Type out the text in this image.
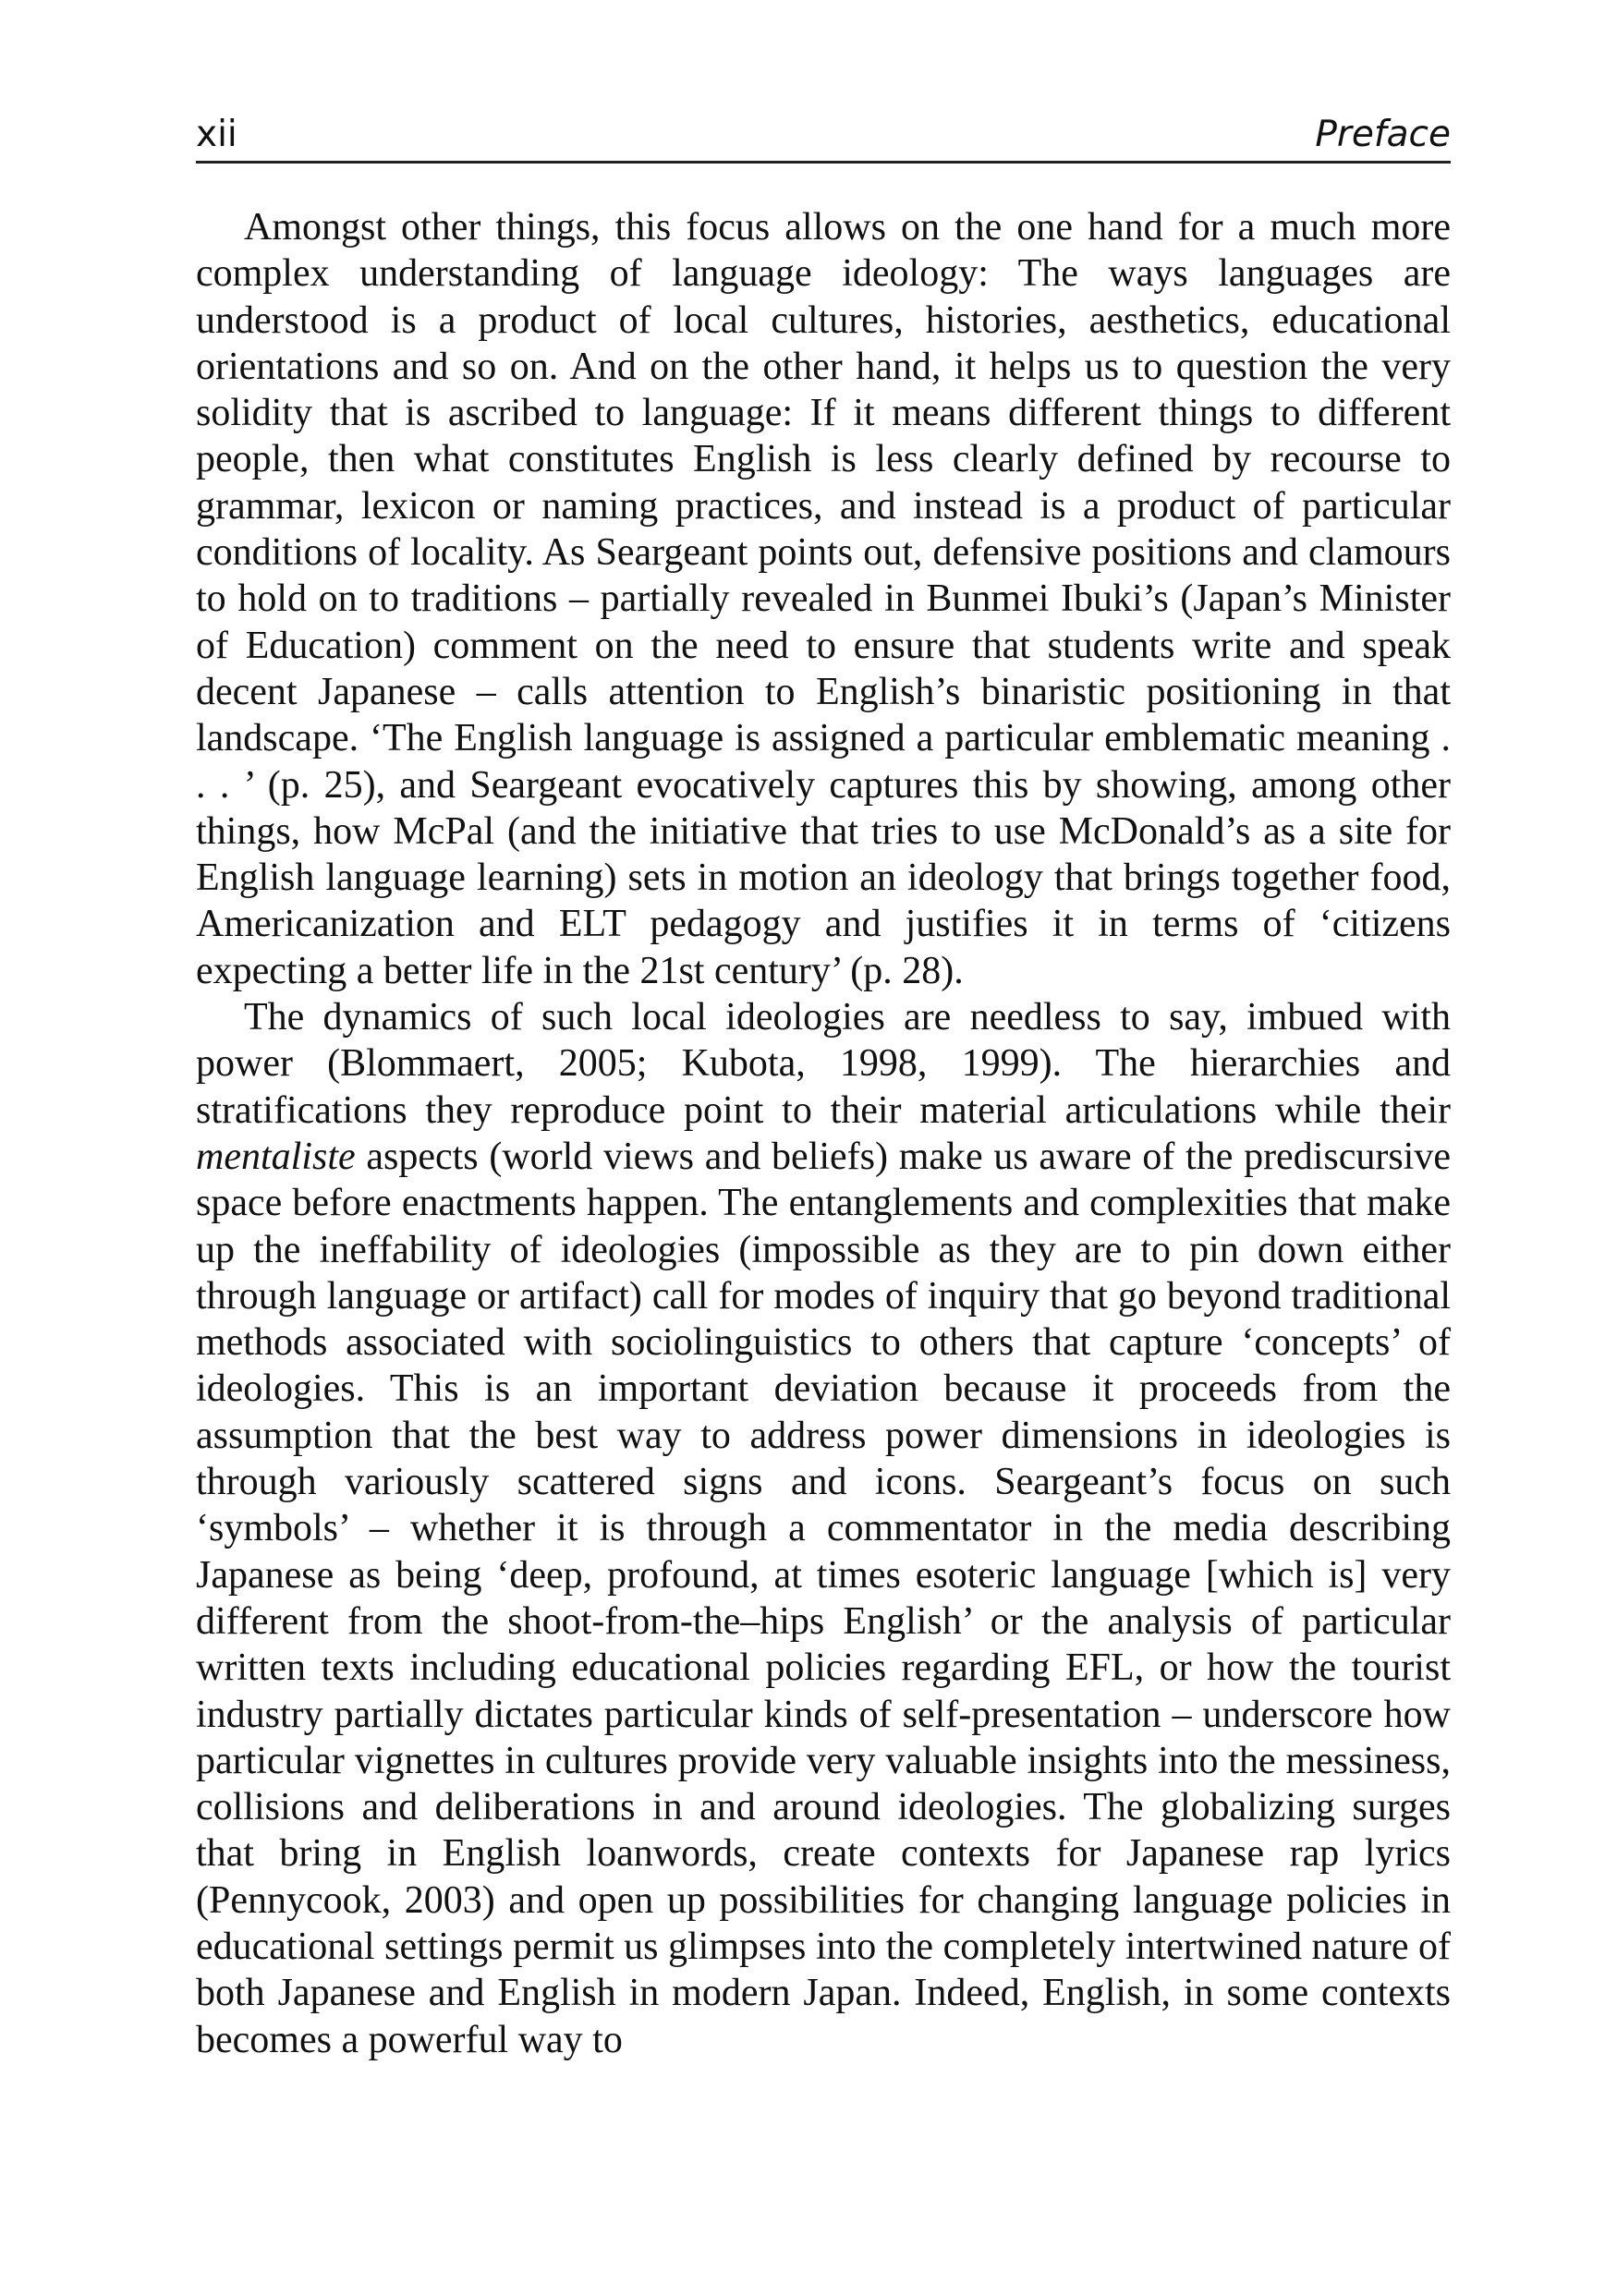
xii	Preface

Amongst other things, this focus allows on the one hand for a much more complex understanding of language ideology: The ways languages are understood is a product of local cultures, histories, aesthetics, educational orientations and so on. And on the other hand, it helps us to question the very solidity that is ascribed to language: If it means different things to different people, then what constitutes English is less clearly defined by recourse to grammar, lexicon or naming practices, and instead is a product of particular conditions of locality. As Seargeant points out, defensive positions and clamours to hold on to traditions – partially revealed in Bunmei Ibuki’s (Japan’s Minister of Education) comment on the need to ensure that students write and speak decent Japanese – calls attention to English’s binaristic positioning in that landscape. ‘The English language is assigned a particular emblematic meaning . . . ’ (p. 25), and Seargeant evocatively captures this by showing, among other things, how McPal (and the initiative that tries to use McDonald’s as a site for English language learning) sets in motion an ideology that brings together food, Americanization and ELT pedagogy and justifies it in terms of ‘citizens expecting a better life in the 21st century’ (p. 28).

The dynamics of such local ideologies are needless to say, imbued with power (Blommaert, 2005; Kubota, 1998, 1999). The hierarchies and stratifications they reproduce point to their material articulations while their mentaliste aspects (world views and beliefs) make us aware of the prediscursive space before enactments happen. The entanglements and complexities that make up the ineffability of ideologies (impossible as they are to pin down either through language or artifact) call for modes of inquiry that go beyond traditional methods associated with sociolinguistics to others that capture ‘concepts’ of ideologies. This is an important deviation because it proceeds from the assumption that the best way to address power dimensions in ideologies is through variously scattered signs and icons. Seargeant’s focus on such ‘symbols’ – whether it is through a commentator in the media describing Japanese as being ‘deep, profound, at times esoteric language [which is] very different from the shoot-from-the–hips English’ or the analysis of particular written texts including educational policies regarding EFL, or how the tourist industry partially dictates particular kinds of self-presentation – underscore how particular vignettes in cultures provide very valuable insights into the messiness, collisions and deliberations in and around ideologies. The globalizing surges that bring in English loanwords, create contexts for Japanese rap lyrics (Pennycook, 2003) and open up possibilities for changing language policies in educational settings permit us glimpses into the completely intertwined nature of both Japanese and English in modern Japan. Indeed, English, in some contexts becomes a powerful way to
